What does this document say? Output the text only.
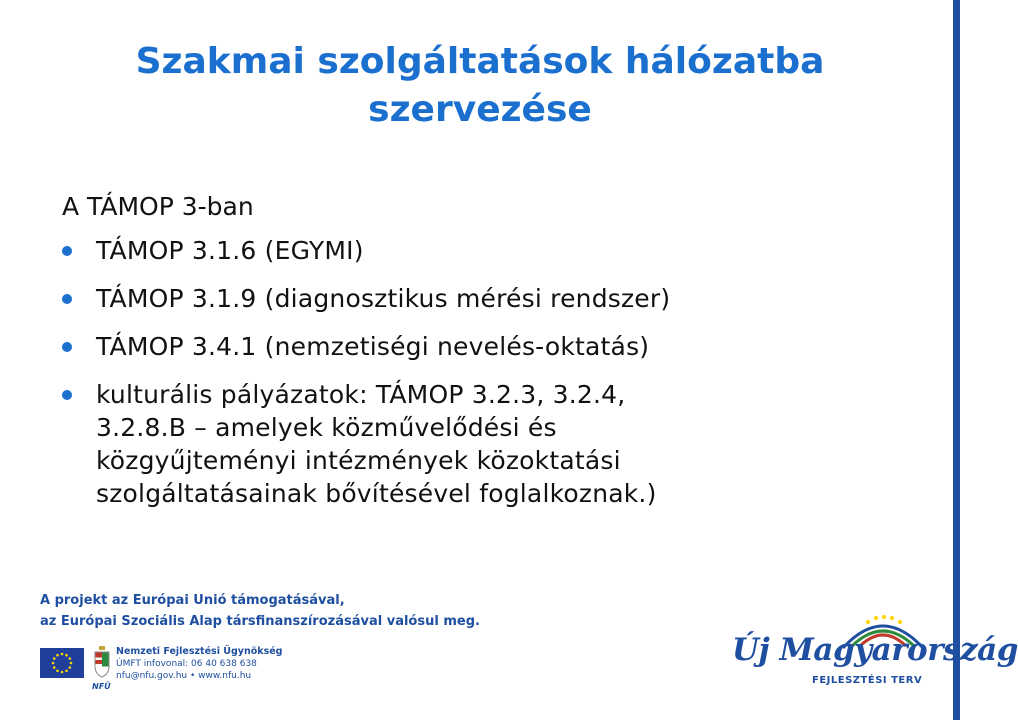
Szakmai szolgáltatások hálózatba
szervezése
A TÁMOP 3-ban
TÁMOP 3.1.6 (EGYMI)
TÁMOP 3.1.9 (diagnosztikus mérési rendszer)
TÁMOP 3.4.1 (nemzetiségi nevelés-oktatás)
kulturális pályázatok: TÁMOP 3.2.3, 3.2.4,
3.2.8.B – amelyek közművelődési és
közgyűjteményi intézmények közoktatási
szolgáltatásainak bővítésével foglalkoznak.)
A projekt az Európai Unió támogatásával,
az Európai Szociális Alap társfinanszírozásával valósul meg.
Nemzeti Fejlesztési Ügynökség
ÚMFT infovonal: 06 40 638 638
nfu@nfu.gov.hu • www.nfu.hu
NFÜ
Új Magyarország
FEJLESZTÉSI TERV
